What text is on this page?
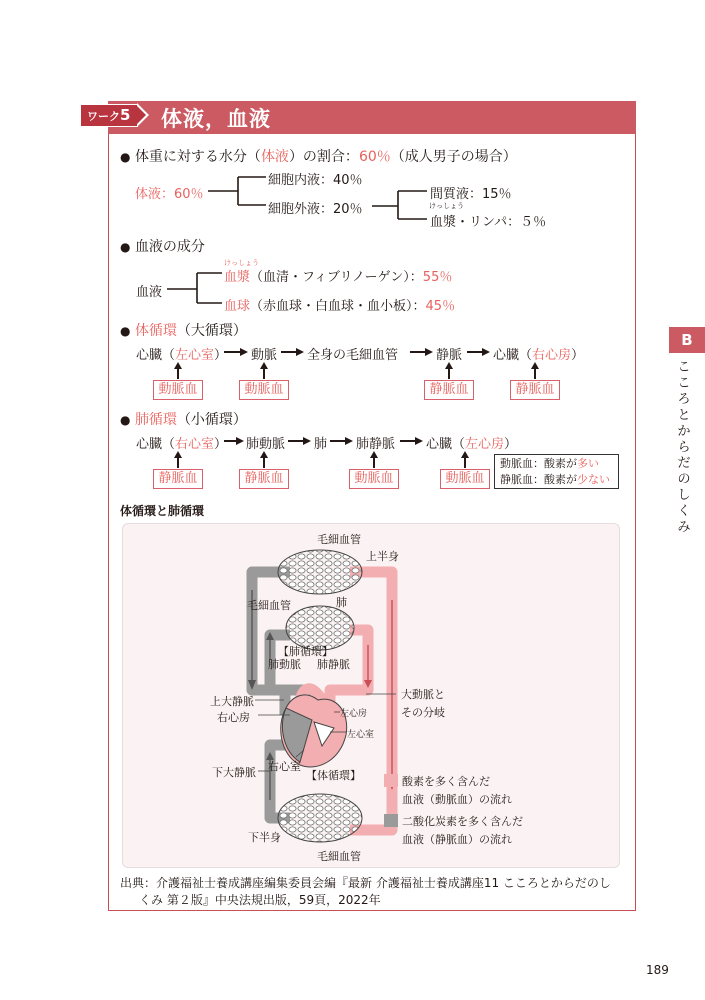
ワーク5	体液，血液
● 体重に対する水分（体液）の割合：60％（成人男子の場合）
体液：60％
細胞内液：40％
細胞外液：20％
間質液：15％
けっしょう
血漿・リンパ：５％
● 血液の成分
血液
けっしょう
血漿（血清・フィブリノーゲン）：55％
血球（赤血球・白血球・血小板）：45％
● 体循環（大循環）
心臓（左心室） 動脈 全身の毛細血管	静脈 心臓（右心房）
動脈血	動脈血	静脈血	静脈血
● 肺循環（小循環）
心臓（右心室） 肺動脈 肺 肺静脈 心臓（左心房）
静脈血	静脈血	動脈血	動脈血
動脈血：酸素が多い
静脈血：酸素が少ない
体循環と肺循環
毛細血管
上半身
毛細血管	肺
【肺循環】
肺動脈 肺静脈
上大静脈
右心房
大動脈と
その分岐
左心房
左心室
右心室
下大静脈	【体循環】
下半身
毛細血管
酸素を多く含んだ
血液（動脈血）の流れ
二酸化炭素を多く含んだ
血液（静脈血）の流れ
出典：介護福祉士養成講座編集委員会編『最新 介護福祉士養成講座11 こころとからだのし
くみ 第２版』中央法規出版，59頁，2022年
B
こころとからだのしくみ
189
